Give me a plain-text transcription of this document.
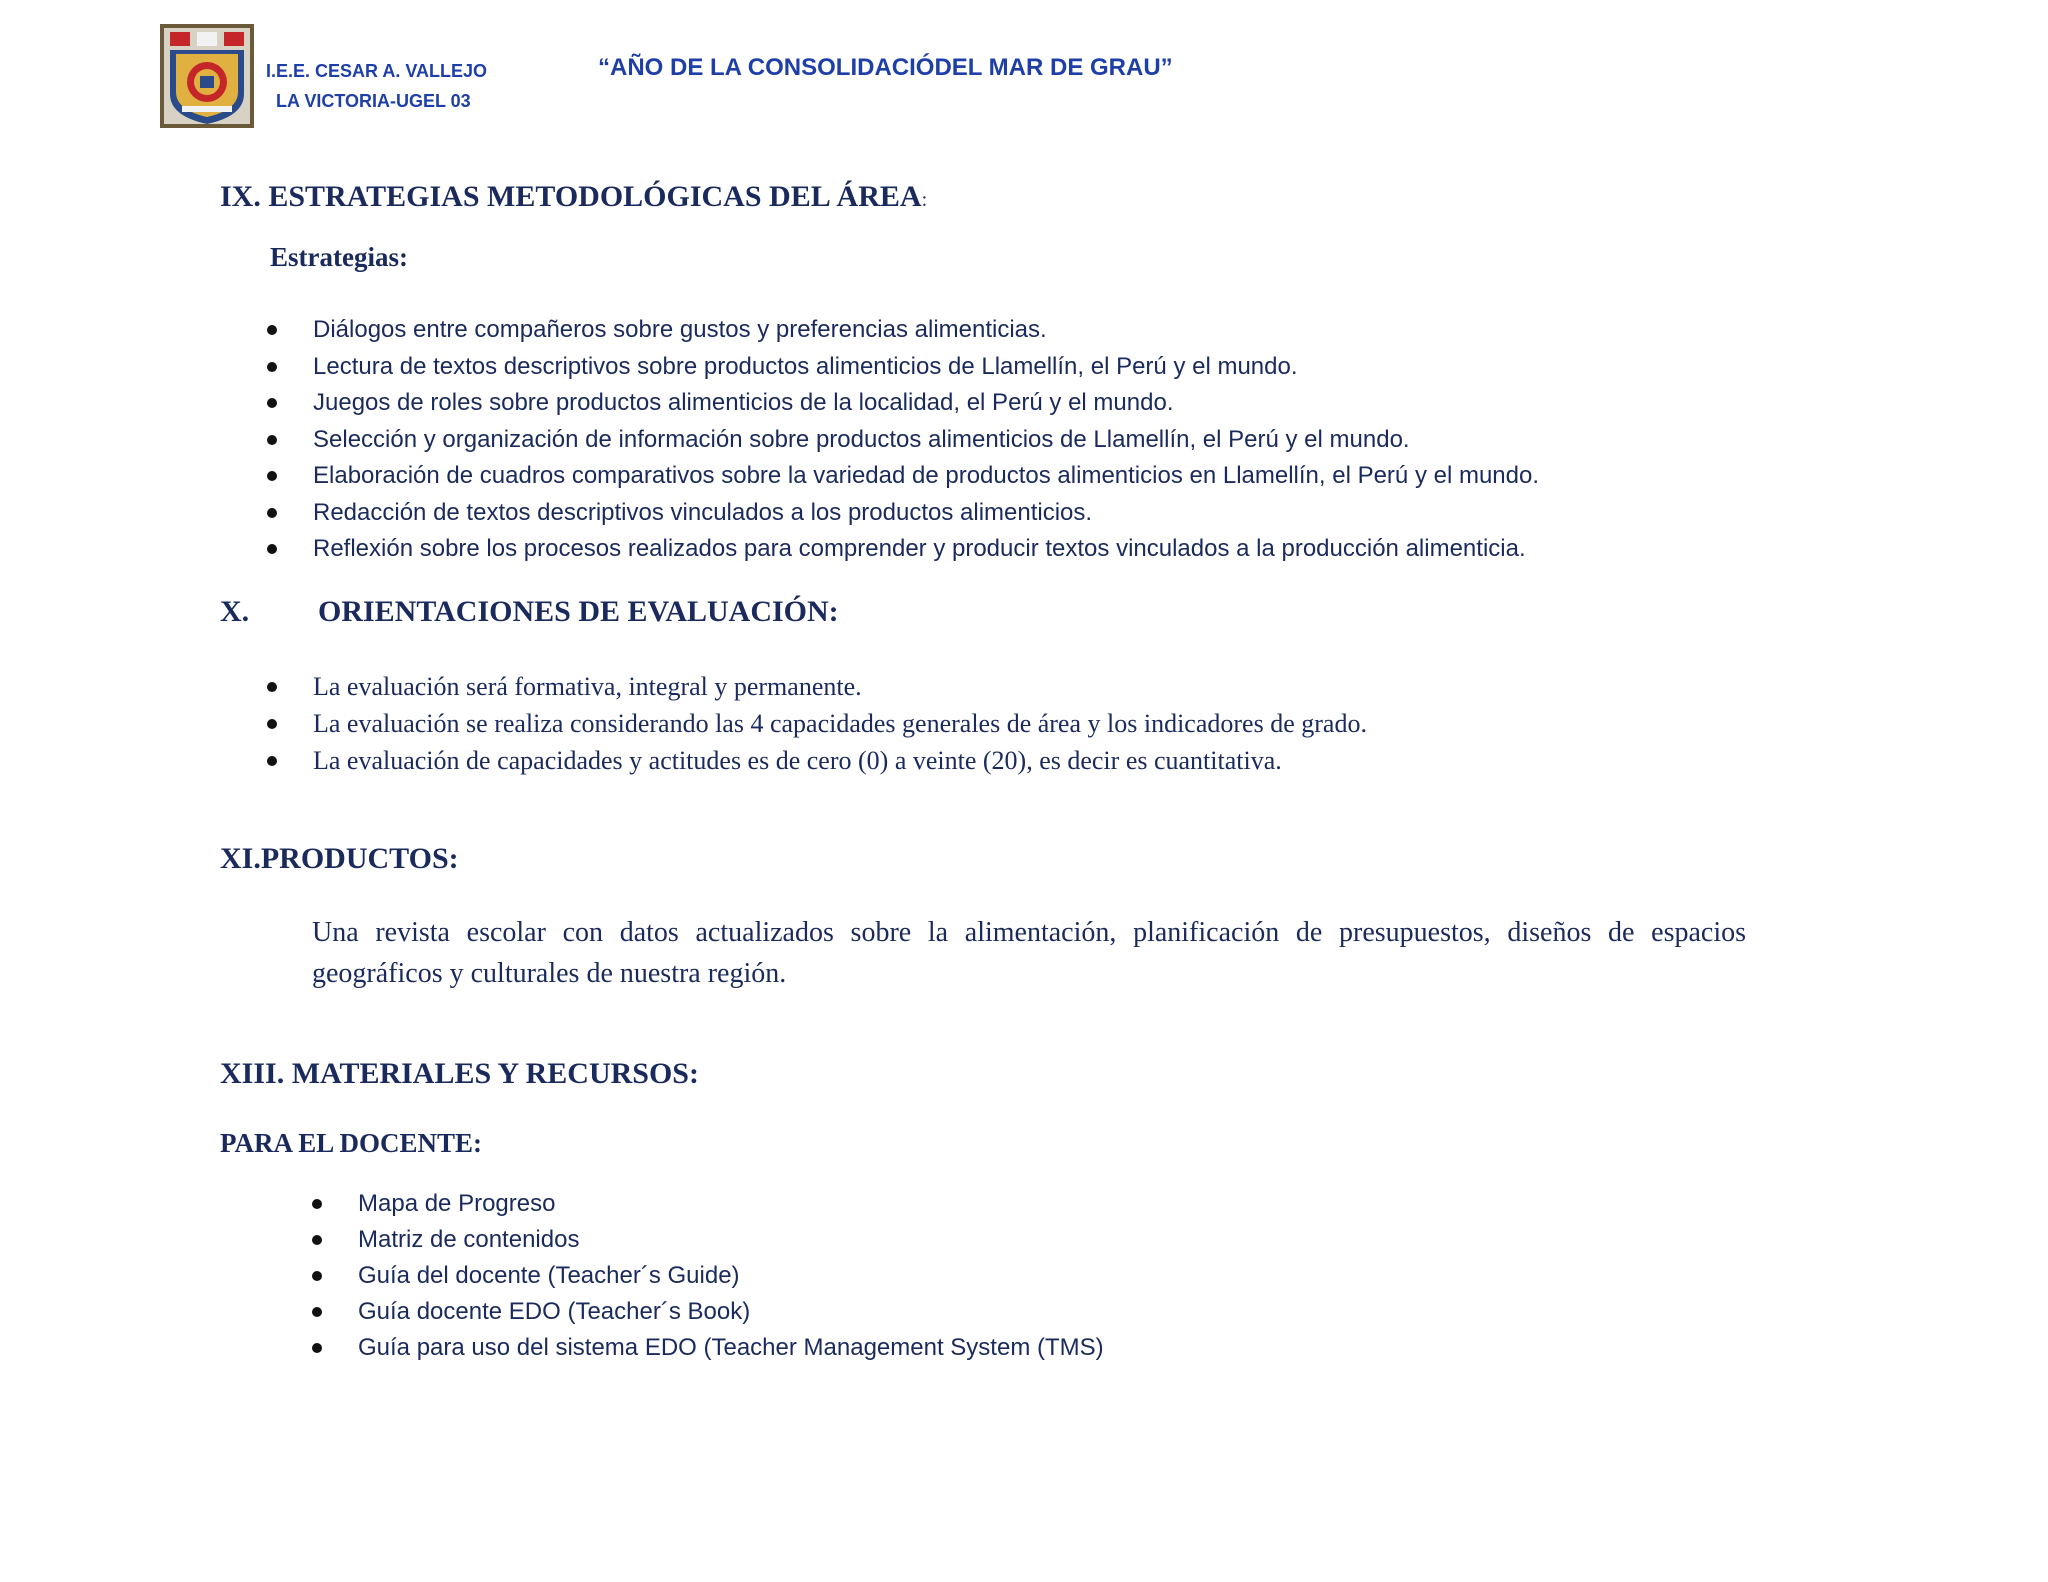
I.E.E. CESAR A. VALLEJO
LA VICTORIA-UGEL 03
“AÑO DE LA CONSOLIDACIÓDEL MAR DE GRAU”
IX. ESTRATEGIAS METODOLÓGICAS DEL ÁREA:
Estrategias:
Diálogos entre compañeros sobre gustos y preferencias alimenticias.
Lectura de textos descriptivos sobre productos alimenticios de Llamellín, el Perú y el mundo.
Juegos de roles sobre productos alimenticios de la localidad, el Perú y el mundo.
Selección y organización de información sobre productos alimenticios de Llamellín, el Perú y el mundo.
Elaboración de cuadros comparativos sobre la variedad de productos alimenticios en Llamellín, el Perú y el mundo.
Redacción de textos descriptivos vinculados a los productos alimenticios.
Reflexión sobre los procesos realizados para comprender y producir textos vinculados a la producción alimenticia.
X. ORIENTACIONES DE EVALUACIÓN:
La evaluación será formativa, integral y permanente.
La evaluación se realiza considerando las 4 capacidades generales de área y los indicadores de grado.
La evaluación de capacidades y actitudes es de cero (0) a veinte (20), es decir es cuantitativa.
XI.PRODUCTOS:
Una revista escolar con datos actualizados sobre la alimentación, planificación de presupuestos, diseños de espacios geográficos y culturales de nuestra región.
XIII. MATERIALES Y RECURSOS:
PARA EL DOCENTE:
Mapa de Progreso
Matriz de contenidos
Guía del docente (Teacher´s Guide)
Guía docente EDO (Teacher´s Book)
Guía para uso del sistema EDO (Teacher Management System (TMS)
